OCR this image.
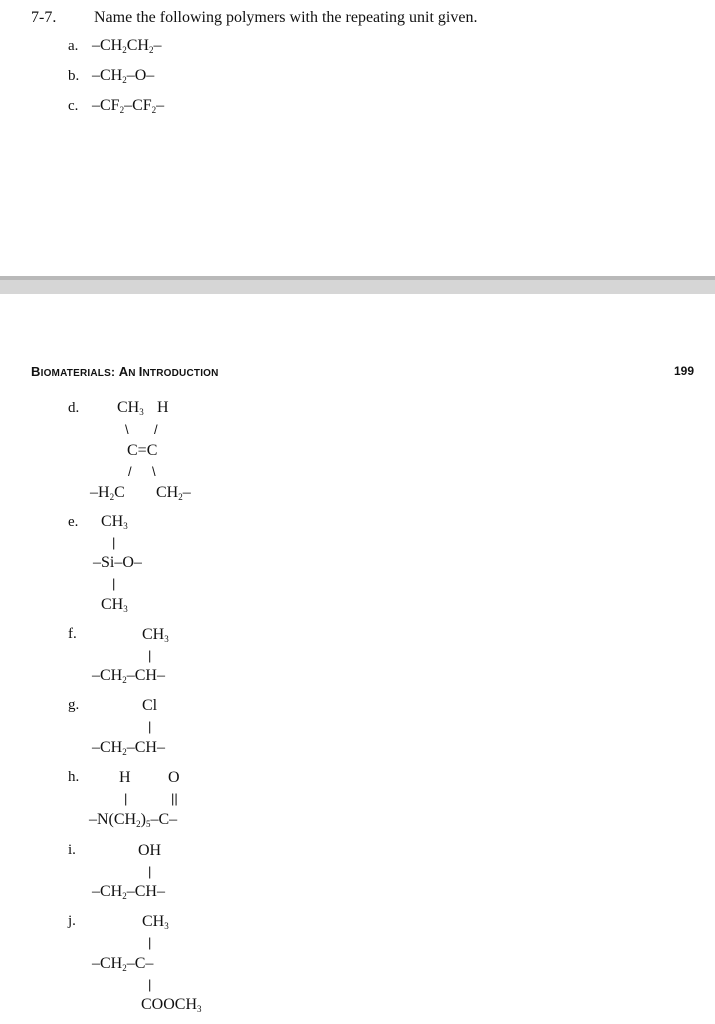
7-7. Name the following polymers with the repeating unit given.
a. $-CH_2CH_2-$
b. $-CH_2-O-$
c. $-CF_2-CF_2-$
BIOMATERIALS: AN INTRODUCTION	199
d. $CH_3$ H
\ /
C=C
/ \
$-H_2C$ $CH_2-$
e. $CH_3$
|
–Si–O–
|
$CH_3$
f.	$CH_3$
|
$-CH_2-CH-$
g.	Cl
|
$-CH_2-CH-$
h. H O
|	||
$-N(CH_2)_5-C-$
i.	OH
|
$-CH_2-CH-$
j.	$CH_3$
|
$-CH_2-C-$
|
$COOCH_3$
